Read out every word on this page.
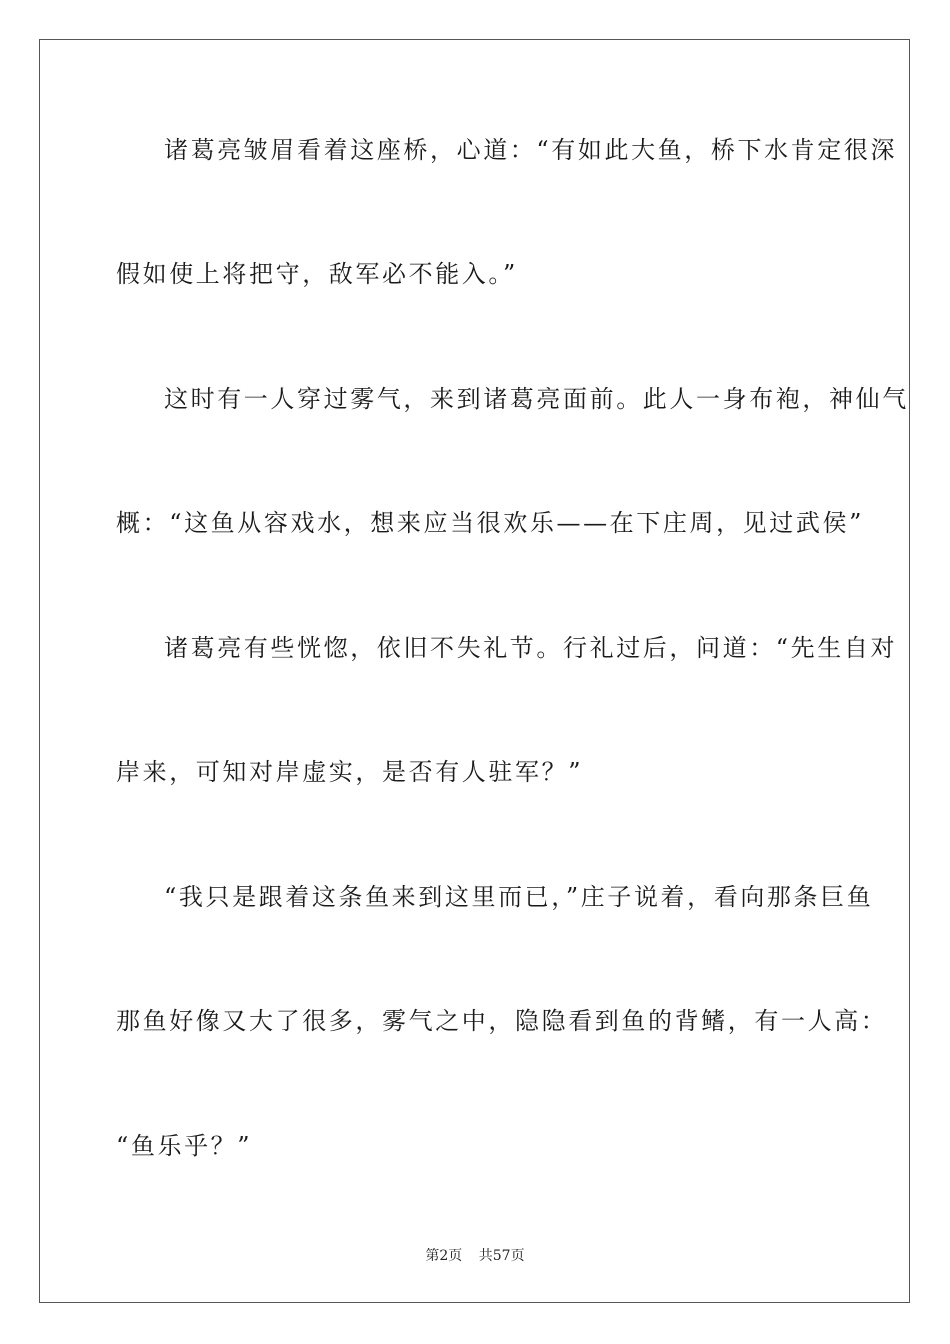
诸葛亮皱眉看着这座桥，心道：“有如此大鱼，桥下水肯定很深
假如使上将把守，敌军必不能入。”
这时有一人穿过雾气，来到诸葛亮面前。此人一身布袍，神仙气
概：“这鱼从容戏水，想来应当很欢乐——在下庄周，见过武侯”
诸葛亮有些恍惚，依旧不失礼节。行礼过后，问道：“先生自对
岸来，可知对岸虚实，是否有人驻军？”
“我只是跟着这条鱼来到这里而已，”庄子说着，看向那条巨鱼
那鱼好像又大了很多，雾气之中，隐隐看到鱼的背鳍，有一人高：
“鱼乐乎？”
第2页 共57页
